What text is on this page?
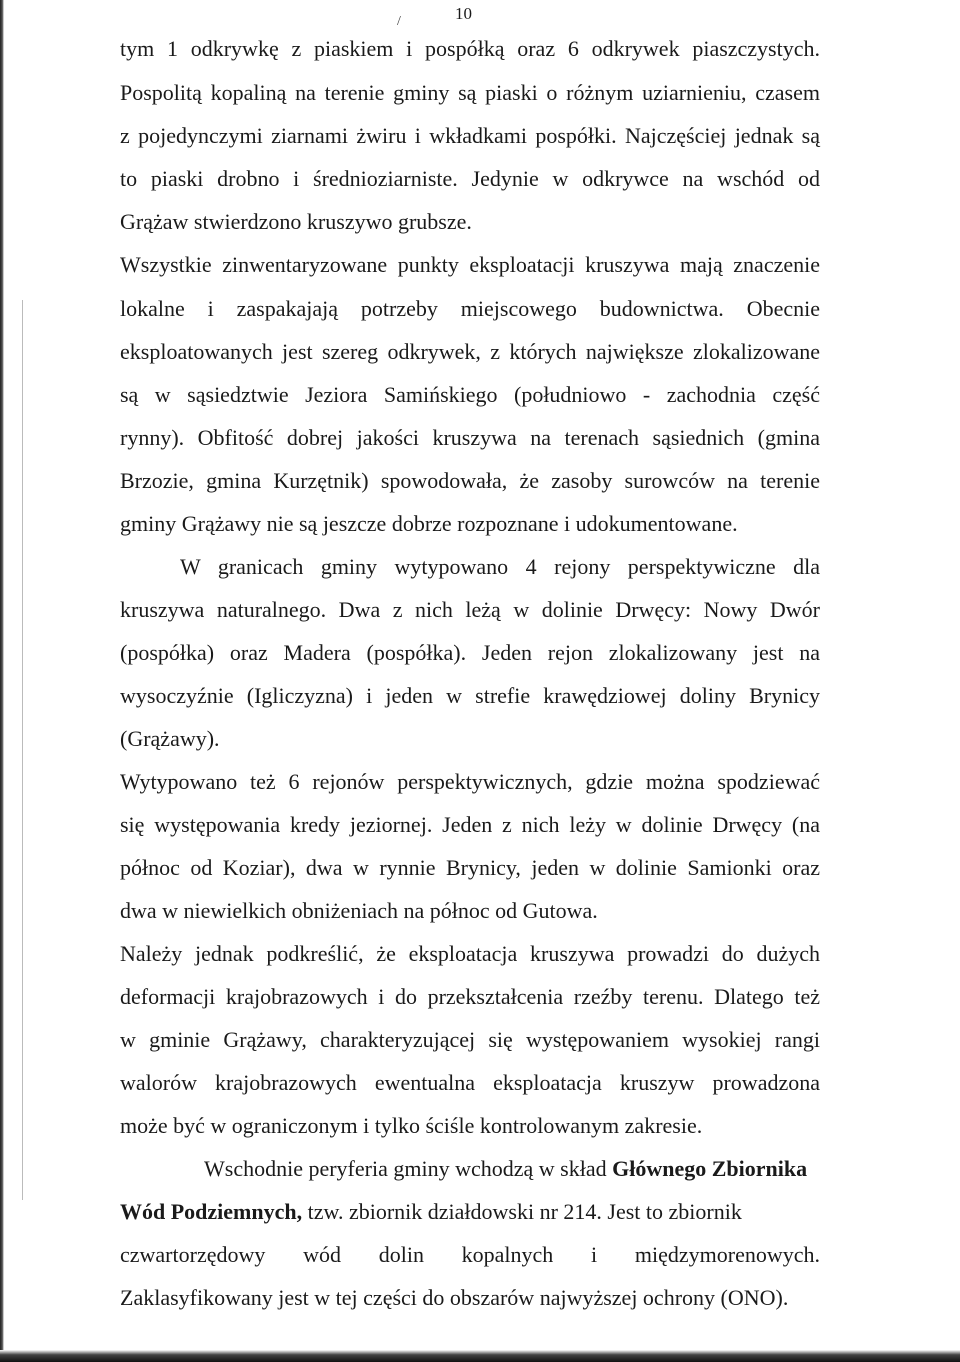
10
/
tym 1 odkrywkę z piaskiem i pospółką oraz 6 odkrywek piaszczystych.
Pospolitą kopaliną na terenie gminy są piaski o różnym uziarnieniu, czasem
z pojedynczymi ziarnami żwiru i wkładkami pospółki. Najczęściej jednak są
to piaski drobno i średnioziarniste. Jedynie w odkrywce na wschód od
Grążaw stwierdzono kruszywo grubsze.
Wszystkie zinwentaryzowane punkty eksploatacji kruszywa mają znaczenie
lokalne i zaspakajają potrzeby miejscowego budownictwa. Obecnie
eksploatowanych jest szereg odkrywek, z których największe zlokalizowane
są w sąsiedztwie Jeziora Samińskiego (południowo - zachodnia część
rynny). Obfitość dobrej jakości kruszywa na terenach sąsiednich (gmina
Brzozie, gmina Kurzętnik) spowodowała, że zasoby surowców na terenie
gminy Grążawy nie są jeszcze dobrze rozpoznane i udokumentowane.
W granicach gminy wytypowano 4 rejony perspektywiczne dla
kruszywa naturalnego. Dwa z nich leżą w dolinie Drwęcy: Nowy Dwór
(pospółka) oraz Madera (pospółka). Jeden rejon zlokalizowany jest na
wysoczyźnie (Igliczyzna) i jeden w strefie krawędziowej doliny Brynicy
(Grążawy).
Wytypowano też 6 rejonów perspektywicznych, gdzie można spodziewać
się występowania kredy jeziornej. Jeden z nich leży w dolinie Drwęcy (na
północ od Koziar), dwa w rynnie Brynicy, jeden w dolinie Samionki oraz
dwa w niewielkich obniżeniach na północ od Gutowa.
Należy jednak podkreślić, że eksploatacja kruszywa prowadzi do dużych
deformacji krajobrazowych i do przekształcenia rzeźby terenu. Dlatego też
w gminie Grążawy, charakteryzującej się występowaniem wysokiej rangi
walorów krajobrazowych ewentualna eksploatacja kruszyw prowadzona
może być w ograniczonym i tylko ściśle kontrolowanym zakresie.
Wschodnie peryferia gminy wchodzą w skład Głównego Zbiornika
Wód Podziemnych, tzw. zbiornik działdowski nr 214. Jest to zbiornik
czwartorzędowy wód dolin kopalnych i międzymorenowych.
Zaklasyfikowany jest w tej części do obszarów najwyższej ochrony (ONO).
